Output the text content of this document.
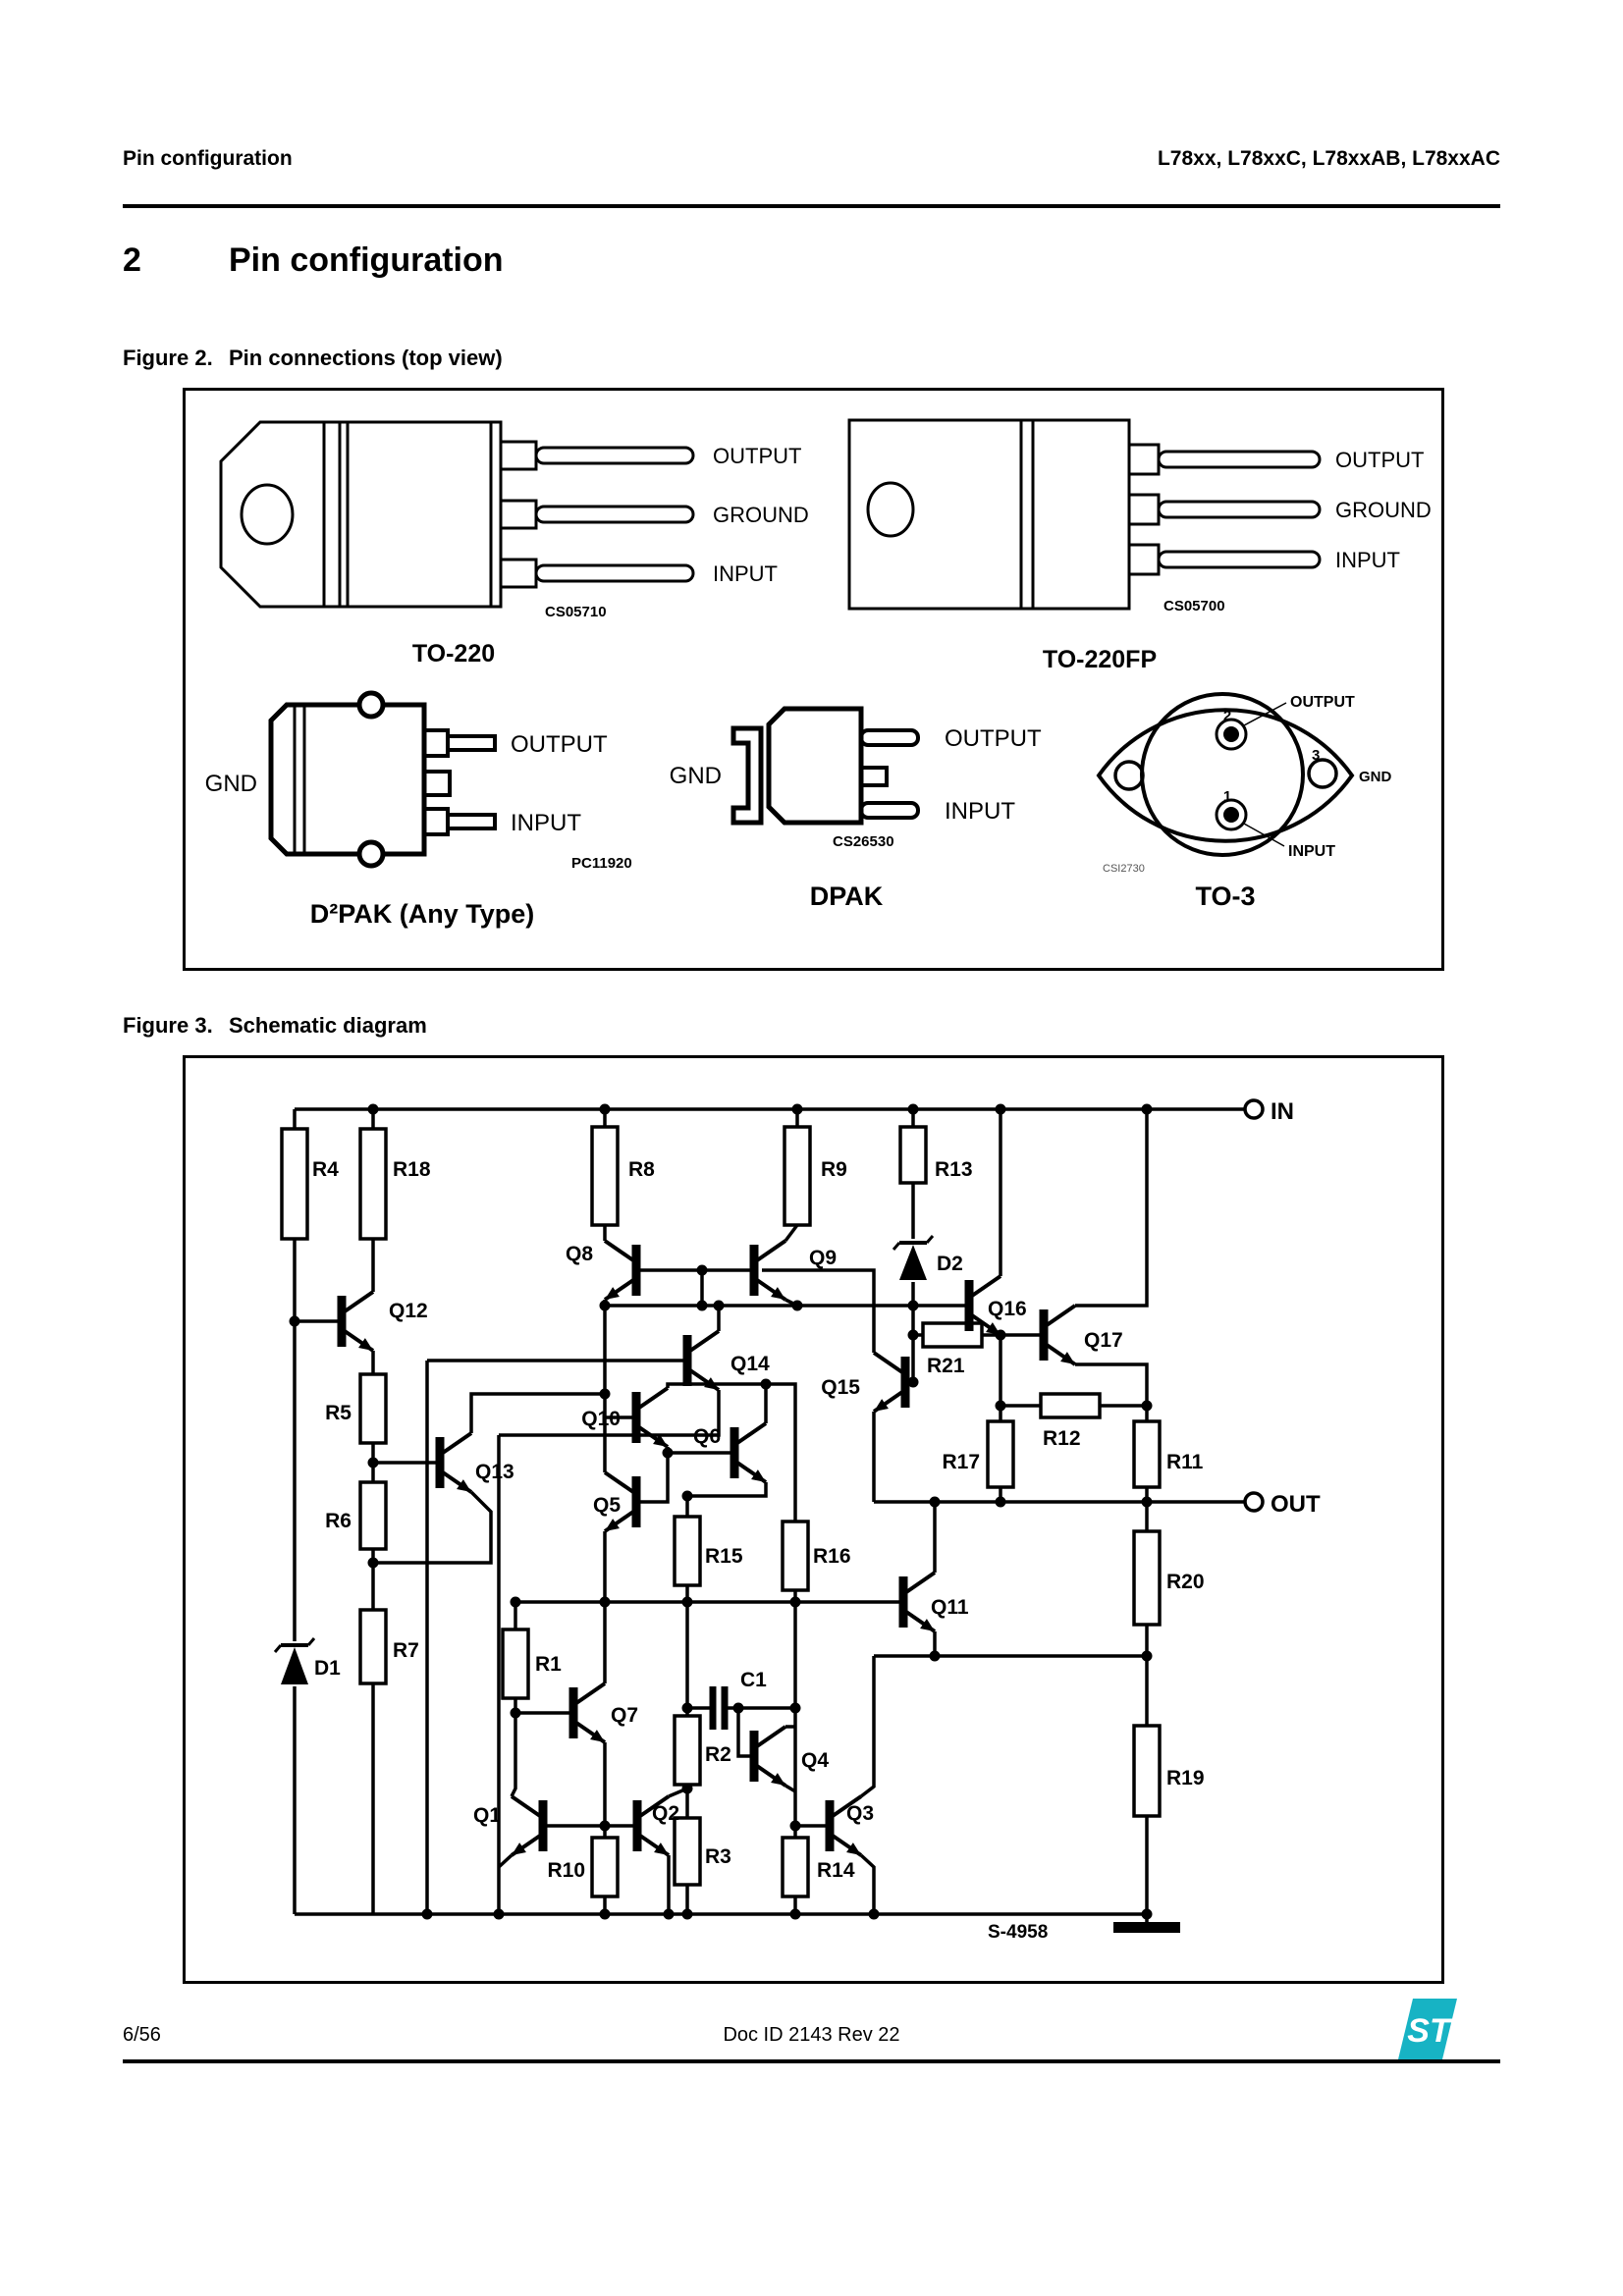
Pin configuration	L78xx, L78xxC, L78xxAB, L78xxAC
2	Pin configuration
Figure 2. Pin connections (top view)
OUTPUT
GROUND
INPUT
CS05710
TO-220
OUTPUT
GROUND
INPUT
CS05700
TO-220FP
GND
OUTPUT
INPUT
PC11920
D²PAK (Any Type)
GND
OUTPUT
INPUT
CS26530
DPAK
2
1
3
OUTPUT
INPUT
GND
CSI2730
TO-3
Figure 3. Schematic diagram
R4	R18	R8	R9	R13
D2
Q8	Q9
Q12	Q16
Q17
Q15
R21
R17
R12
R11
IN
OUT
R5
Q13
Q14
Q10
Q6
Q5
R6
R15	R16
Q11
R20
D1
R7
R1
R2
C1
Q7
Q4
Q1	Q2	Q3
R10
R3
R14
R19
S-4958
6/56	Doc ID 2143 Rev 22	ST
